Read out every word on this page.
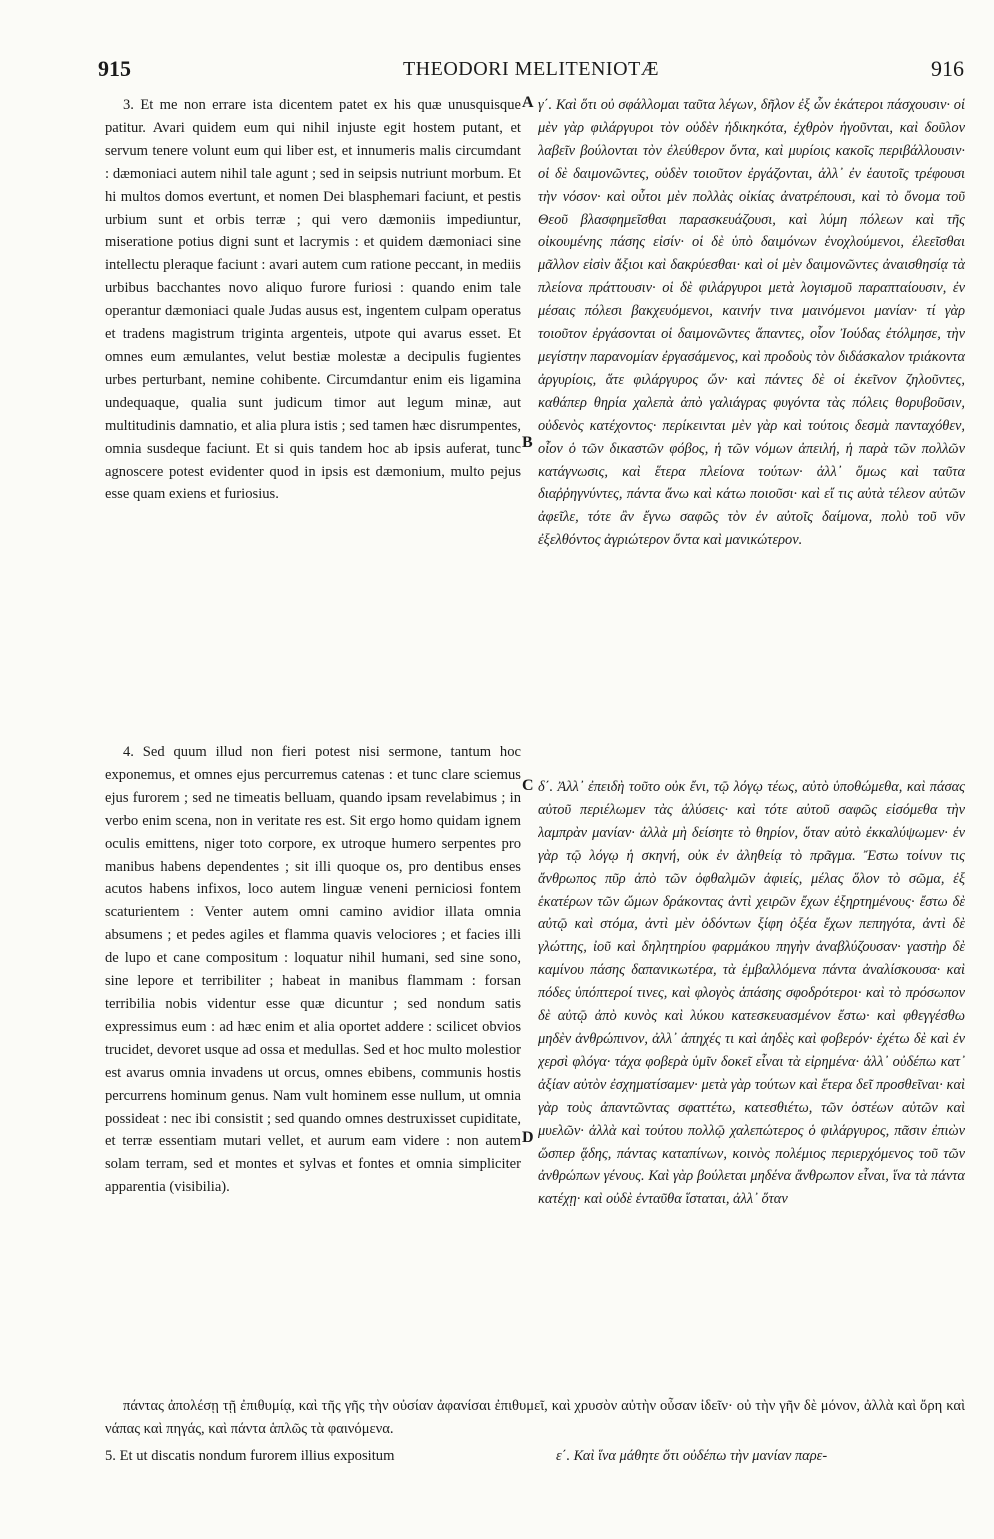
915	THEODORI MELITENIOTÆ	916

3. Et me non errare ista dicentem patet ex his quæ unusquisque patitur. Avari quidem eum qui nihil injuste egit hostem putant, et servum tenere volunt eum qui liber est, et innumeris malis circumdant : dæmoniaci autem nihil tale agunt ; sed in seipsis nutriunt morbum. Et hi multos domos evertunt, et nomen Dei blasphemari faciunt, et pestis urbium sunt et orbis terræ ; qui vero dæmoniis impediuntur, miseratione potius digni sunt et lacrymis : et quidem dæmoniaci sine intellectu pleraque faciunt : avari autem cum ratione peccant, in mediis urbibus bacchantes novo aliquo furore furiosi : quando enim tale operantur dæmoniaci quale Judas ausus est, ingentem culpam operatus et tradens magistrum triginta argenteis, utpote qui avarus esset. Et omnes eum æmulantes, velut bestiæ molestæ a decipulis fugientes urbes perturbant, nemine cohibente. Circumdantur enim eis ligamina undequaque, qualia sunt judicum timor aut legum minæ, aut multitudinis damnatio, et alia plura istis ; sed tamen hæc disrumpentes, omnia susdeque faciunt. Et si quis tandem hoc ab ipsis auferat, tunc agnoscere potest evidenter quod in ipsis est dæmonium, multo pejus esse quam exiens et furiosius.

4. Sed quum illud non fieri potest nisi sermone, tantum hoc exponemus, et omnes ejus percurremus catenas : et tunc clare sciemus ejus furorem ; sed ne timeatis belluam, quando ipsam revelabimus ; in verbo enim scena, non in veritate res est. Sit ergo homo quidam ignem oculis emittens, niger toto corpore, ex utroque humero serpentes pro manibus habens dependentes ; sit illi quoque os, pro dentibus enses acutos habens infixos, loco autem linguæ veneni perniciosi fontem scaturientem : Venter autem omni camino avidior illata omnia absumens ; et pedes agiles et flamma quavis velociores ; et facies illi de lupo et cane compositum : loquatur nihil humani, sed sine sono, sine lepore et terribiliter ; habeat in manibus flammam : forsan terribilia nobis videntur esse quæ dicuntur ; sed nondum satis expressimus eum : ad hæc enim et alia oportet addere : scilicet obvios trucidet, devoret usque ad ossa et medullas. Sed et hoc multo molestior est avarus omnia invadens ut orcus, omnes ebibens, communis hostis percurrens hominum genus. Nam vult hominem esse nullum, ut omnia possideat : nec ibi consistit ; sed quando omnes destruxisset cupiditate, et terræ essentiam mutari vellet, et aurum eam videre : non autem solam terram, sed et montes et sylvas et fontes et omnia simpliciter apparentia (visibilia).

γ΄. Καὶ ὅτι οὐ σφάλλομαι ταῦτα λέγων, δῆλον ἐξ ὧν ἑκάτεροι πάσχουσιν· οἱ μὲν γὰρ φιλάργυροι τὸν οὐδὲν ἠδικηκότα, ἐχθρὸν ἡγοῦνται, καὶ δοῦλον λαβεῖν βούλονται τὸν ἐλεύθερον ὄντα, καὶ μυρίοις κακοῖς περιβάλλουσιν· οἱ δὲ δαιμονῶντες, οὐδὲν τοιοῦτον ἐργάζονται, ἀλλ᾽ ἐν ἑαυτοῖς τρέφουσι τὴν νόσον· καὶ οὗτοι μὲν πολλὰς οἰκίας ἀνατρέπουσι, καὶ τὸ ὄνομα τοῦ Θεοῦ βλασφημεῖσθαι παρασκευάζουσι, καὶ λύμη πόλεων καὶ τῆς οἰκουμένης πάσης εἰσίν· οἱ δὲ ὑπὸ δαιμόνων ἐνοχλούμενοι, ἐλεεῖσθαι μᾶλλον εἰσὶν ἄξιοι καὶ δακρύεσθαι· καὶ οἱ μὲν δαιμονῶντες ἀναισθησίᾳ τὰ πλείονα πράττουσιν· οἱ δὲ φιλάργυροι μετὰ λογισμοῦ παραπταίουσιν, ἐν μέσαις πόλεσι βακχευόμενοι, καινήν τινα μαινόμενοι μανίαν· τί γὰρ τοιοῦτον ἐργάσονται οἱ δαιμονῶντες ἅπαντες, οἷον Ἰούδας ἐτόλμησε, τὴν μεγίστην παρανομίαν ἐργασάμενος, καὶ προδοὺς τὸν διδάσκαλον τριάκοντα ἀργυρίοις, ἅτε φιλάργυρος ὤν· καὶ πάντες δὲ οἱ ἐκεῖνον ζηλοῦντες, καθάπερ θηρία χαλεπὰ ἀπὸ γαλιάγρας φυγόντα τὰς πόλεις θορυβοῦσιν, οὐδενὸς κατέχοντος· περίκεινται μὲν γὰρ καὶ τούτοις δεσμὰ πανταχόθεν, οἷον ὁ τῶν δικαστῶν φόβος, ἡ τῶν νόμων ἀπειλή, ἡ παρὰ τῶν πολλῶν κατάγνωσις, καὶ ἕτερα πλείονα τούτων· ἀλλ᾽ ὅμως καὶ ταῦτα διαῤῥηγνύντες, πάντα ἄνω καὶ κάτω ποιοῦσι· καὶ εἴ τις αὐτὰ τέλεον αὐτῶν ἀφεῖλε, τότε ἂν ἔγνω σαφῶς τὸν ἐν αὐτοῖς δαίμονα, πολὺ τοῦ νῦν ἐξελθόντος ἀγριώτερον ὄντα καὶ μανικώτερον.

δ΄. Ἀλλ᾽ ἐπειδὴ τοῦτο οὐκ ἔνι, τῷ λόγῳ τέως, αὐτὸ ὑποθώμεθα, καὶ πάσας αὐτοῦ περιέλωμεν τὰς ἁλύσεις· καὶ τότε αὐτοῦ σαφῶς εἰσόμεθα τὴν λαμπρὰν μανίαν· ἀλλὰ μὴ δείσητε τὸ θηρίον, ὅταν αὐτὸ ἐκκαλύψωμεν· ἐν γὰρ τῷ λόγῳ ἡ σκηνή, οὐκ ἐν ἀληθείᾳ τὸ πρᾶγμα. Ἔστω τοίνυν τις ἄνθρωπος πῦρ ἀπὸ τῶν ὀφθαλμῶν ἀφιείς, μέλας ὅλον τὸ σῶμα, ἐξ ἑκατέρων τῶν ὤμων δράκοντας ἀντὶ χειρῶν ἔχων ἐξηρτημένους· ἔστω δὲ αὐτῷ καὶ στόμα, ἀντὶ μὲν ὀδόντων ξίφη ὀξέα ἔχων πεπηγότα, ἀντὶ δὲ γλώττης, ἰοῦ καὶ δηλητηρίου φαρμάκου πηγὴν ἀναβλύζουσαν· γαστὴρ δὲ καμίνου πάσης δαπανικωτέρα, τὰ ἐμβαλλόμενα πάντα ἀναλίσκουσα· καὶ πόδες ὑπόπτεροί τινες, καὶ φλογὸς ἁπάσης σφοδρότεροι· καὶ τὸ πρόσωπον δὲ αὐτῷ ἀπὸ κυνὸς καὶ λύκου κατεσκευασμένον ἔστω· καὶ φθεγγέσθω μηδὲν ἀνθρώπινον, ἀλλ᾽ ἀπηχές τι καὶ ἀηδὲς καὶ φοβερόν· ἐχέτω δὲ καὶ ἐν χερσὶ φλόγα· τάχα φοβερὰ ὑμῖν δοκεῖ εἶναι τὰ εἰρημένα· ἀλλ᾽ οὐδέπω κατ᾽ ἀξίαν αὐτὸν ἐσχηματίσαμεν· μετὰ γὰρ τούτων καὶ ἕτερα δεῖ προσθεῖναι· καὶ γὰρ τοὺς ἀπαντῶντας σφαττέτω, κατεσθιέτω, τῶν ὀστέων αὐτῶν καὶ μυελῶν· ἀλλὰ καὶ τούτου πολλῷ χαλεπώτερος ὁ φιλάργυρος, πᾶσιν ἐπιὼν ὥσπερ ᾅδης, πάντας καταπίνων, κοινὸς πολέμιος περιερχόμενος τοῦ τῶν ἀνθρώπων γένους. Καὶ γὰρ βούλεται μηδένα ἄνθρωπον εἶναι, ἵνα τὰ πάντα κατέχῃ· καὶ οὐδὲ ἐνταῦθα ἵσταται, ἀλλ᾽ ὅταν

πάντας ἀπολέσῃ τῇ ἐπιθυμίᾳ, καὶ τῆς γῆς τὴν οὐσίαν ἀφανίσαι ἐπιθυμεῖ, καὶ χρυσὸν αὐτὴν οὖσαν ἰδεῖν· οὐ τὴν γῆν δὲ μόνον, ἀλλὰ καὶ ὄρη καὶ νάπας καὶ πηγάς, καὶ πάντα ἁπλῶς τὰ φαινόμενα.

5. Et ut discatis nondum furorem illius expositum	ε΄. Καὶ ἵνα μάθητε ὅτι οὐδέπω τὴν μανίαν παρε-

A
B
C
D
